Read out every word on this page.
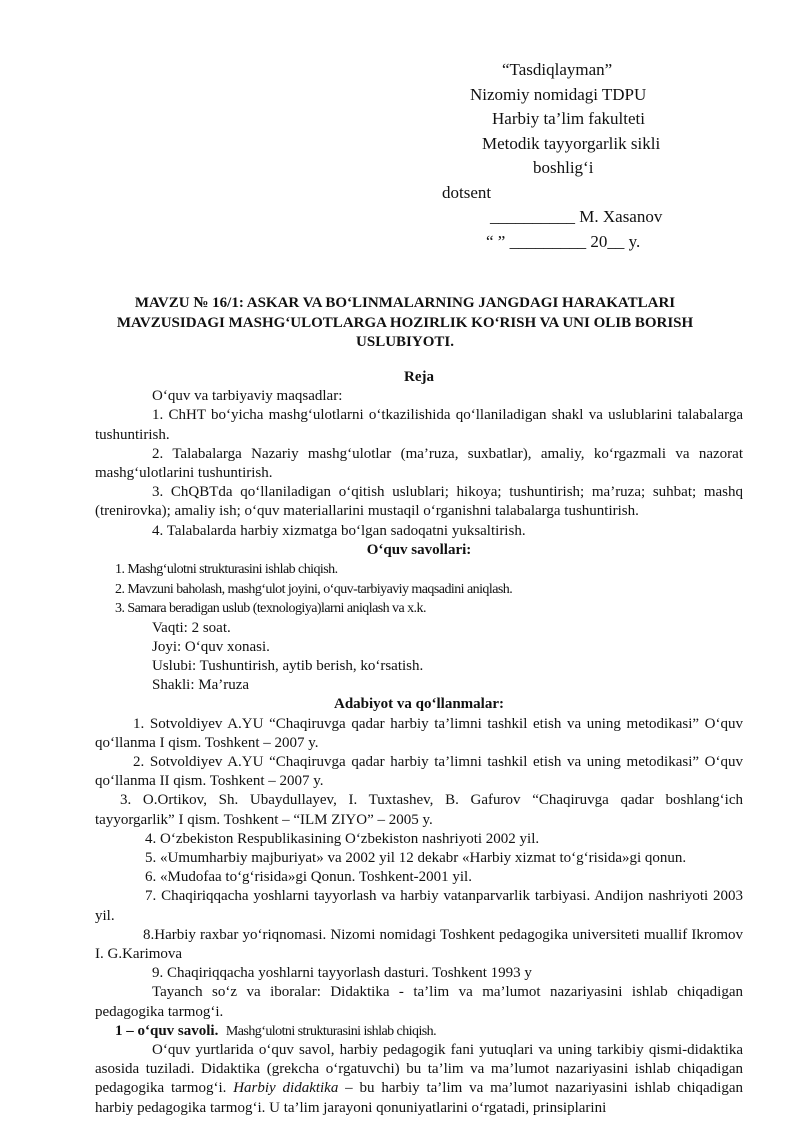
“Tasdiqlayman”
Nizomiy nomidagi TDPU
Harbiy ta’lim fakulteti
Metodik tayyorgarlik sikli
boshlig‘i
dotsent
__________ M. Xasanov
“ ” _________ 20__ y.
MAVZU № 16/1: ASKAR VA BO‘LINMALARNING JANGDAGI HARAKATLARI MAVZUSIDAGI MASHG‘ULOTLARGA HOZIRLIK KO‘RISH VA UNI OLIB BORISH USLUBIYOTI.

Reja

O‘quv va tarbiyaviy maqsadlar:

1. ChHT bo‘yicha mashg‘ulotlarni o‘tkazilishida qo‘llaniladigan shakl va uslublarini talabalarga tushuntirish.

2. Talabalarga Nazariy mashg‘ulotlar (ma’ruza, suxbatlar), amaliy, ko‘rgazmali va nazorat mashg‘ulotlarini tushuntirish.

3. ChQBTda qo‘llaniladigan o‘qitish uslublari; hikoya; tushuntirish; ma’ruza; suhbat; mashq (trenirovka); amaliy ish; o‘quv materiallarini mustaqil o‘rganishni talabalarga tushuntirish.

4. Talabalarda harbiy xizmatga bo‘lgan sadoqatni yuksaltirish.

O‘quv savollari:

1. Mashg‘ulotni strukturasini ishlab chiqish.

2. Mavzuni baholash, mashg‘ulot joyini, o‘quv-tarbiyaviy maqsadini aniqlash.

3. Samara beradigan uslub (texnologiya)larni aniqlash va x.k.

Vaqti: 2 soat.

Joyi: O‘quv xonasi.

Uslubi: Tushuntirish, aytib berish, ko‘rsatish.

Shakli: Ma’ruza

Adabiyot va qo‘llanmalar:

1. Sotvoldiyev A.YU “Chaqiruvga qadar harbiy ta’limni tashkil etish va uning metodikasi” O‘quv qo‘llanma I qism. Toshkent – 2007 y.

2. Sotvoldiyev A.YU “Chaqiruvga qadar harbiy ta’limni tashkil etish va uning metodikasi” O‘quv qo‘llanma II qism. Toshkent – 2007 y.

3. O.Ortikov, Sh. Ubaydullayev, I. Tuxtashev, B. Gafurov “Chaqiruvga qadar boshlang‘ich tayyorgarlik” I qism. Toshkent – “ILM ZIYO” – 2005 y.

4. O‘zbekiston Respublikasining O‘zbekiston nashriyoti 2002 yil.

5. «Umumharbiy majburiyat» va 2002 yil 12 dekabr «Harbiy xizmat to‘g‘risida»gi qonun.

6. «Mudofaa to‘g‘risida»gi Qonun. Toshkent-2001 yil.

7. Chaqiriqqacha yoshlarni tayyorlash va harbiy vatanparvarlik tarbiyasi. Andijon nashriyoti 2003 yil.

8.Harbiy raxbar yo‘riqnomasi. Nizomi nomidagi Toshkent pedagogika universiteti muallif Ikromov I. G.Karimova

9. Chaqiriqqacha yoshlarni tayyorlash dasturi. Toshkent 1993 y

Tayanch so‘z va iboralar: Didaktika - ta’lim va ma’lumot nazariyasini ishlab chiqadigan pedagogika tarmog‘i.

1 – o‘quv savoli. Mashg‘ulotni strukturasini ishlab chiqish.

O‘quv yurtlarida o‘quv savol, harbiy pedagogik fani yutuqlari va uning tarkibiy qismi-didaktika asosida tuziladi. Didaktika (grekcha o‘rgatuvchi) bu ta’lim va ma’lumot nazariyasini ishlab chiqadigan pedagogika tarmog‘i. Harbiy didaktika – bu harbiy ta’lim va ma’lumot nazariyasini ishlab chiqadigan harbiy pedagogika tarmog‘i. U ta’lim jarayoni qonuniyatlarini o‘rgatadi, prinsiplarini
